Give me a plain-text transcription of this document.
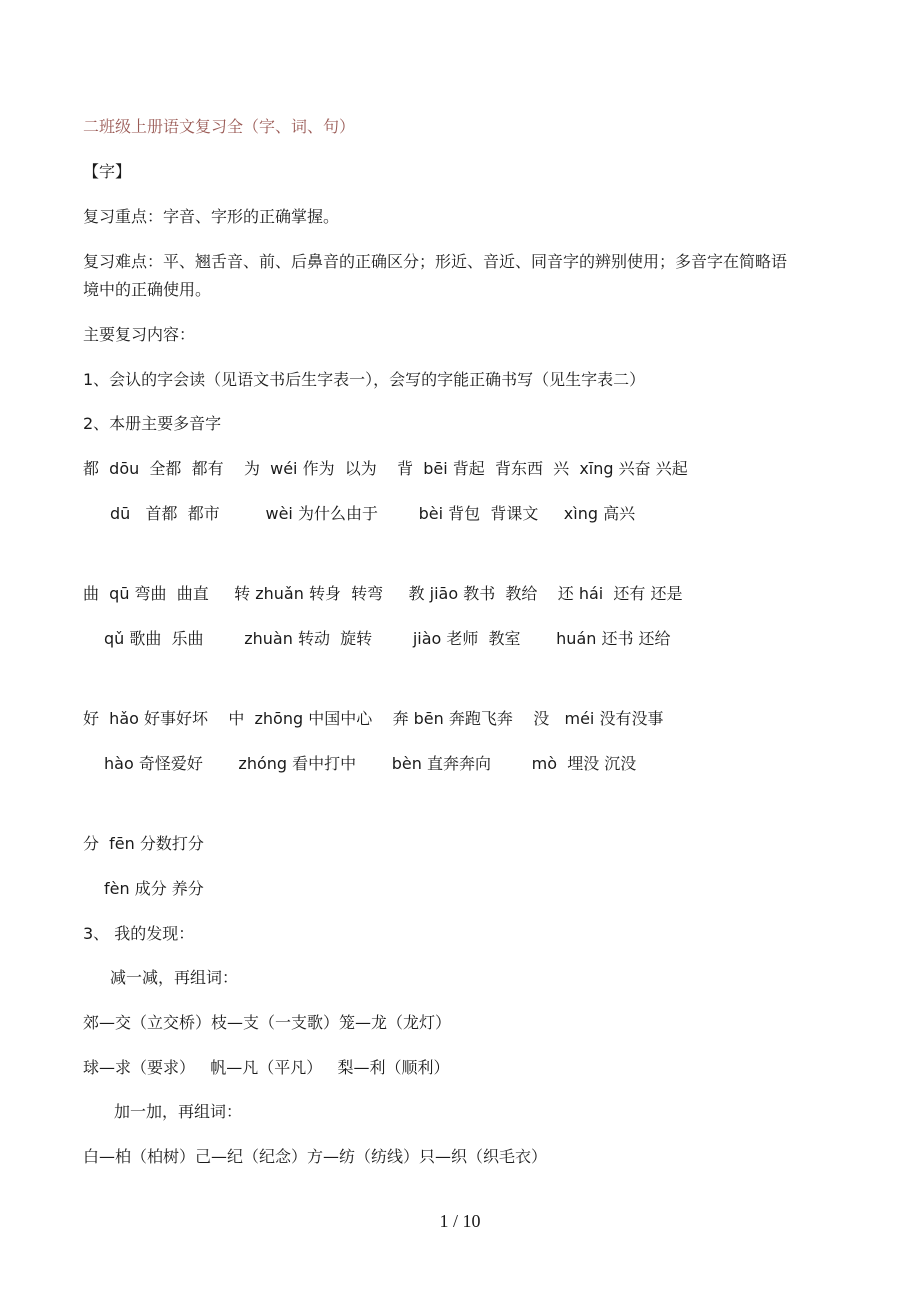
二班级上册语文复习全（字、词、句）

【字】

复习重点：字音、字形的正确掌握。

复习难点：平、翘舌音、前、后鼻音的正确区分；形近、音近、同音字的辨别使用；多音字在简略语

境中的正确使用。

主要复习内容：

1、会认的字会读（见语文书后生字表一），会写的字能正确书写（见生字表二）

2、本册主要多音字

都  dōu  全都  都有    为  wéi 作为  以为    背  bēi 背起  背东西  兴  xīng 兴奋 兴起

dū   首都  都市         wèi 为什么由于        bèi 背包  背课文     xìng 高兴

曲  qū 弯曲  曲直     转 zhuǎn 转身  转弯     教 jiāo 教书  教给    还 hái  还有 还是

qǔ 歌曲  乐曲        zhuàn 转动  旋转        jiào 老师  教室       huán 还书 还给

好  hǎo 好事好坏    中  zhōng 中国中心    奔 bēn 奔跑飞奔    没   méi 没有没事

hào 奇怪爱好       zhóng 看中打中       bèn 直奔奔向        mò  埋没 沉没

分  fēn 分数打分

fèn 成分 养分

3、 我的发现：

减一减，再组词：

郊—交（立交桥）枝—支（一支歌）笼—龙（龙灯）

球—求（要求）   帆—凡（平凡）   梨—利（顺利）

加一加，再组词：

白—柏（柏树）己—纪（纪念）方—纺（纺线）只—织（织毛衣）

1 / 10
